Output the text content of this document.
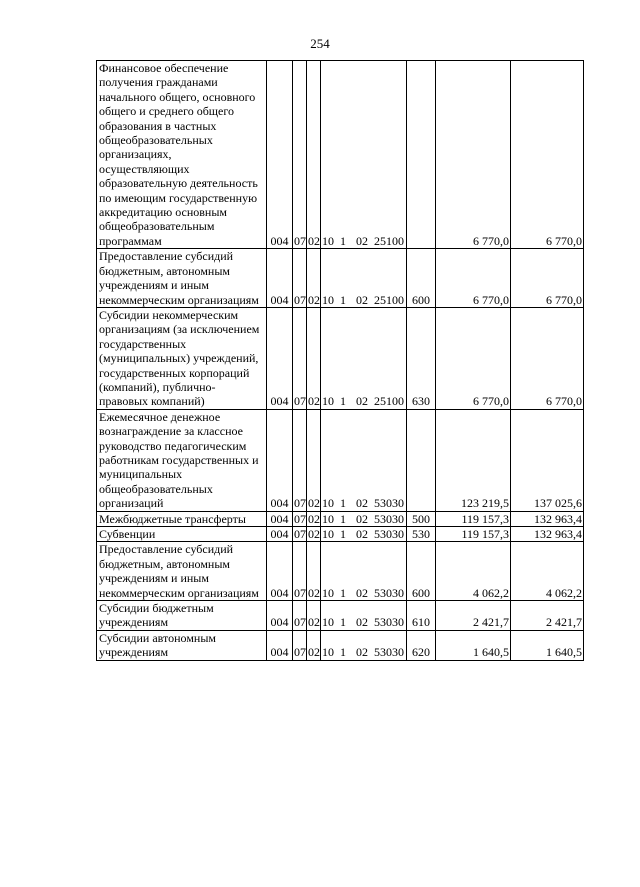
254
Финансовое обеспечение получения гражданами начального общего, основного общего и среднего общего образования в частных общеобразовательных организациях, осуществляющих образовательную деятельность по имеющим государственную аккредитацию основным общеобразовательным программам	004	07	02	10 1 02 25100		6 770,0	6 770,0
Предоставление субсидий бюджетным, автономным учреждениям и иным некоммерческим организациям	004	07	02	10 1 02 25100	600	6 770,0	6 770,0
Субсидии некоммерческим организациям (за исключением государственных (муниципальных) учреждений, государственных корпораций (компаний), публично-правовых компаний)	004	07	02	10 1 02 25100	630	6 770,0	6 770,0
Ежемесячное денежное вознаграждение за классное руководство педагогическим работникам государственных и муниципальных общеобразовательных организаций	004	07	02	10 1 02 53030		123 219,5	137 025,6
Межбюджетные трансферты	004	07	02	10 1 02 53030	500	119 157,3	132 963,4
Субвенции	004	07	02	10 1 02 53030	530	119 157,3	132 963,4
Предоставление субсидий бюджетным, автономным учреждениям и иным некоммерческим организациям	004	07	02	10 1 02 53030	600	4 062,2	4 062,2
Субсидии бюджетным учреждениям	004	07	02	10 1 02 53030	610	2 421,7	2 421,7
Субсидии автономным учреждениям	004	07	02	10 1 02 53030	620	1 640,5	1 640,5
